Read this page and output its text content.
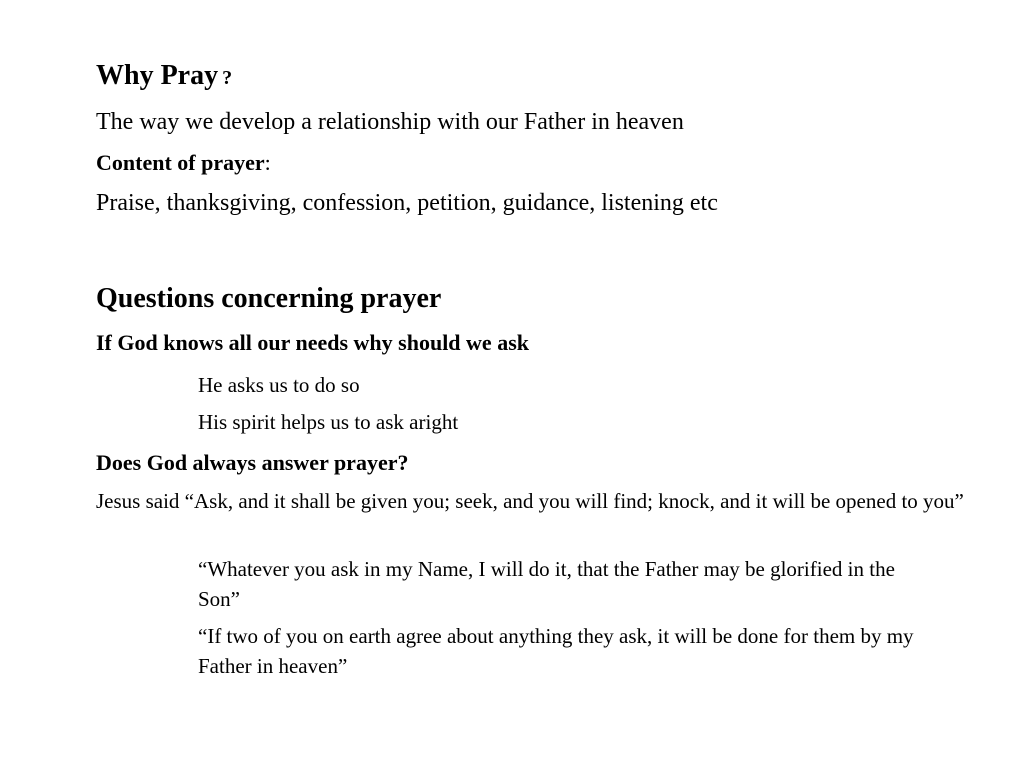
Why Pray ?
The way we develop a relationship with our Father in heaven
Content of prayer:
Praise, thanksgiving, confession, petition, guidance, listening etc
Questions concerning prayer
If God knows all our needs why should we ask
He asks us to do so
His spirit helps us to ask aright
Does God always answer prayer?
Jesus said “Ask, and it shall be given you; seek, and you will find; knock, and it will be opened to you”
“Whatever you ask in my Name, I will do it, that the Father may be glorified in the Son”
“If two of you on earth agree about anything they ask, it will be done for them by my Father in heaven”
